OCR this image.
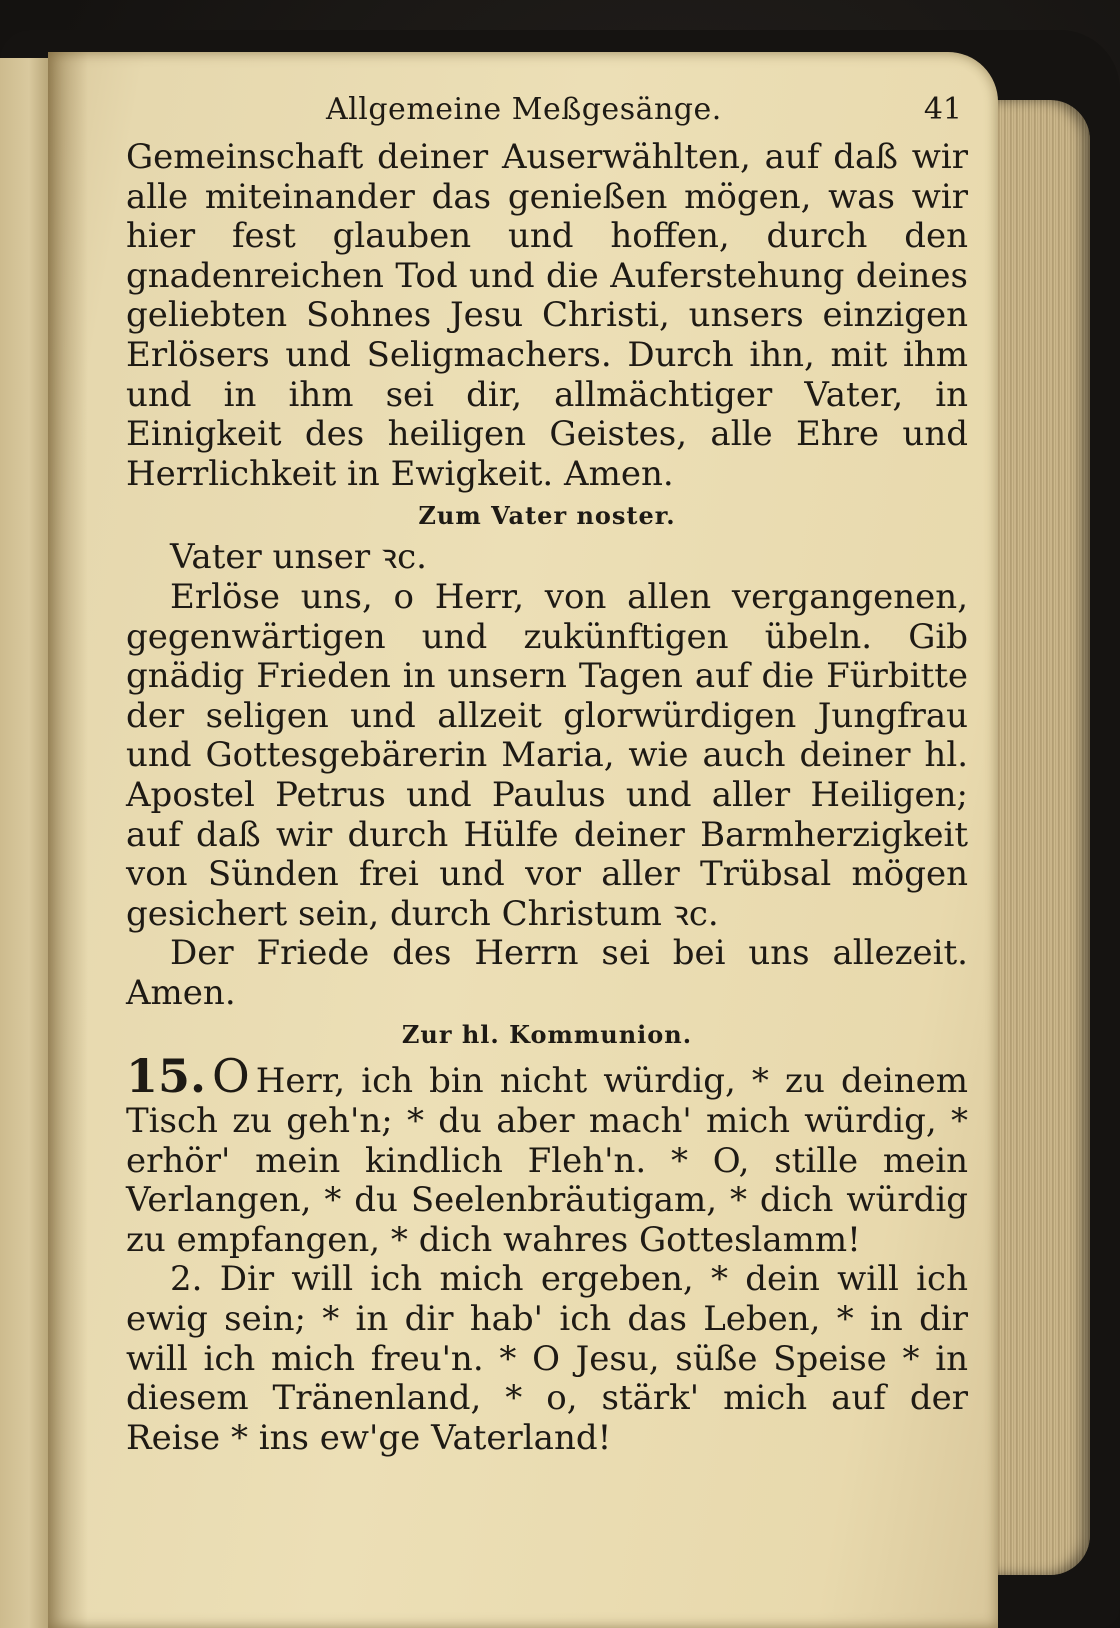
Allgemeine Meßgesänge.	41

Gemeinschaft deiner Auserwählten, auf daß wir alle miteinander das genießen mögen, was wir hier fest glauben und hoffen, durch den gnadenreichen Tod und die Auferstehung deines geliebten Sohnes Jesu Christi, unsers einzigen Erlösers und Seligmachers. Durch ihn, mit ihm und in ihm sei dir, allmächtiger Vater, in Einigkeit des heiligen Geistes, alle Ehre und Herrlichkeit in Ewigkeit. Amen.

Zum Vater noster.

Vater unser ꝛc.

Erlöse uns, o Herr, von allen vergangenen, gegenwärtigen und zukünftigen übeln. Gib gnädig Frieden in unsern Tagen auf die Fürbitte der seligen und allzeit glorwürdigen Jungfrau und Gottesgebärerin Maria, wie auch deiner hl. Apostel Petrus und Paulus und aller Heiligen; auf daß wir durch Hülfe deiner Barmherzigkeit von Sünden frei und vor aller Trübsal mögen gesichert sein, durch Christum ꝛc.

Der Friede des Herrn sei bei uns allezeit. Amen.

Zur hl. Kommunion.

15. O Herr, ich bin nicht würdig, * zu deinem Tisch zu geh'n; * du aber mach' mich würdig, * erhör' mein kindlich Fleh'n. * O, stille mein Verlangen, * du Seelenbräutigam, * dich würdig zu empfangen, * dich wahres Gotteslamm!

2. Dir will ich mich ergeben, * dein will ich ewig sein; * in dir hab' ich das Leben, * in dir will ich mich freu'n. * O Jesu, süße Speise * in diesem Tränenland, * o, stärk' mich auf der Reise * ins ew'ge Vaterland!
